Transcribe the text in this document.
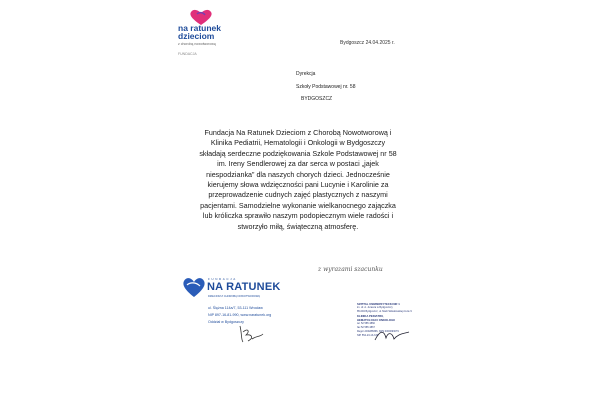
na ratunek
dzieciom
z chorobą nowotworową
FUNDACJA
Bydgoszcz 24.04.2025 r.
Dyrekcja
Szkoły Podstawowej nr. 58
BYDGOSZCZ

Fundacja Na Ratunek Dzieciom z Chorobą Nowotworową i

Klinika Pediatrii, Hematologii i Onkologii w Bydgoszczy

składają serdeczne podziękowania Szkole Podstawowej nr 58

im. Ireny Sendlerowej za dar serca w postaci „jajek

niespodzianka” dla naszych chorych dzieci. Jednocześnie

kierujemy słowa wdzięczności pani Lucynie i Karolinie za

przeprowadzenie cudnych zajęć plastycznych z naszymi

pacjentami. Samodzielne wykonanie wielkanocnego zajączka

lub króliczka sprawiło naszym podopiecznym wiele radości i

stworzyło miłą, świąteczną atmosferę.

z wyrazami szacunku
FUNDACJA
NA RATUNEK
DZIECIOM Z CHOROBĄ NOWOTWOROWĄ
ul. Ślężna 114a/7, 53-111 Wrocław
NIP 897-16-81-990, www.naratunek.org
Oddział w Bydgoszczy
SZPITAL UNIWERSYTECKI NR 1
im. dr. A. Jurasza w Bydgoszczy
85-094 Bydgoszcz, ul. Marii Skłodowskiej-Curie 9
KLINIKA PEDIATRII,
HEMATOLOGII I ONKOLOGII
tel. 52 585 4860
fax 52 585 4867
Regon 000288366, KRS 0000093079
NIP 554-23-13-330
